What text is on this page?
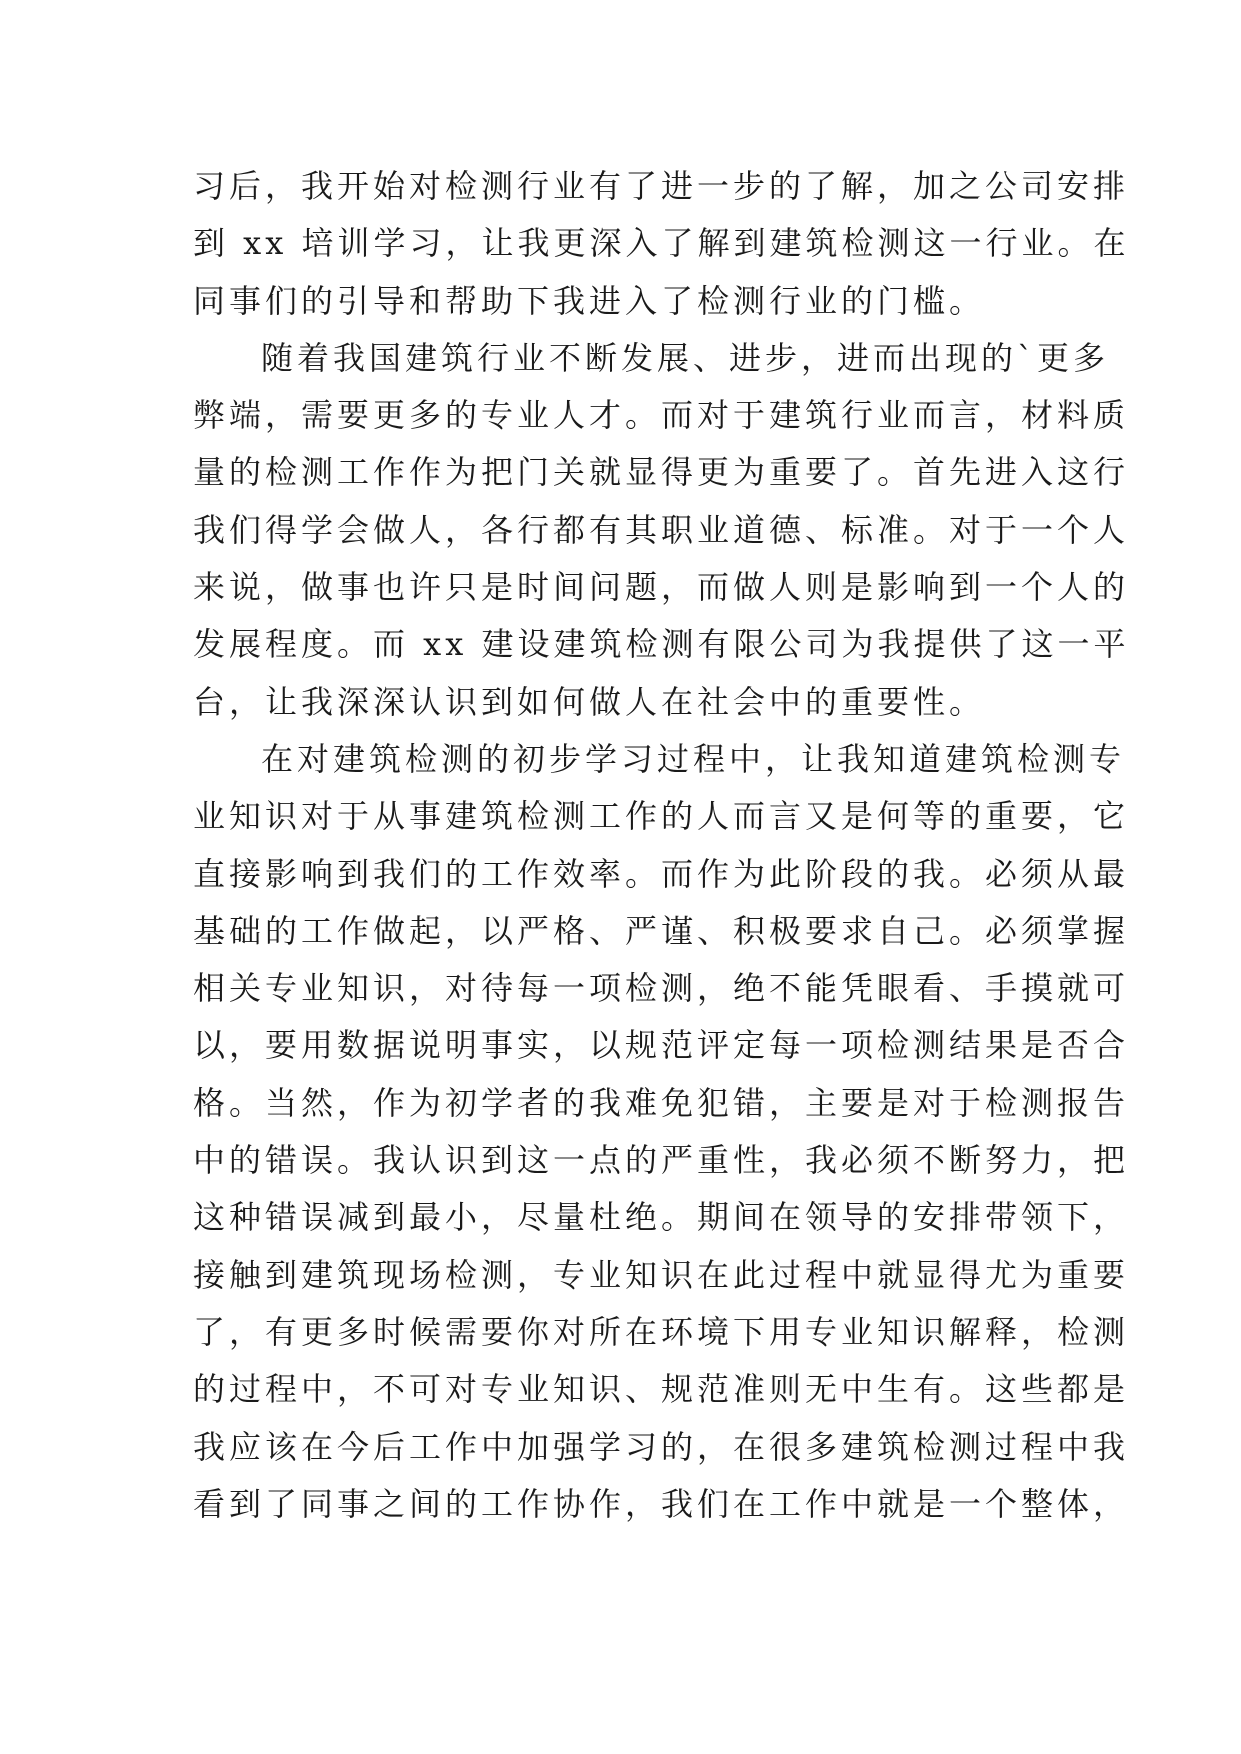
习后，我开始对检测行业有了进一步的了解，加之公司安排
到 xx 培训学习，让我更深入了解到建筑检测这一行业。在
同事们的引导和帮助下我进入了检测行业的门槛。
随着我国建筑行业不断发展、进步，进而出现的`更多
弊端，需要更多的专业人才。而对于建筑行业而言，材料质
量的检测工作作为把门关就显得更为重要了。首先进入这行
我们得学会做人，各行都有其职业道德、标准。对于一个人
来说，做事也许只是时间问题，而做人则是影响到一个人的
发展程度。而 xx 建设建筑检测有限公司为我提供了这一平
台，让我深深认识到如何做人在社会中的重要性。
在对建筑检测的初步学习过程中，让我知道建筑检测专
业知识对于从事建筑检测工作的人而言又是何等的重要，它
直接影响到我们的工作效率。而作为此阶段的我。必须从最
基础的工作做起，以严格、严谨、积极要求自己。必须掌握
相关专业知识，对待每一项检测，绝不能凭眼看、手摸就可
以，要用数据说明事实，以规范评定每一项检测结果是否合
格。当然，作为初学者的我难免犯错，主要是对于检测报告
中的错误。我认识到这一点的严重性，我必须不断努力，把
这种错误减到最小，尽量杜绝。期间在领导的安排带领下，
接触到建筑现场检测，专业知识在此过程中就显得尤为重要
了，有更多时候需要你对所在环境下用专业知识解释，检测
的过程中，不可对专业知识、规范准则无中生有。这些都是
我应该在今后工作中加强学习的，在很多建筑检测过程中我
看到了同事之间的工作协作，我们在工作中就是一个整体，
